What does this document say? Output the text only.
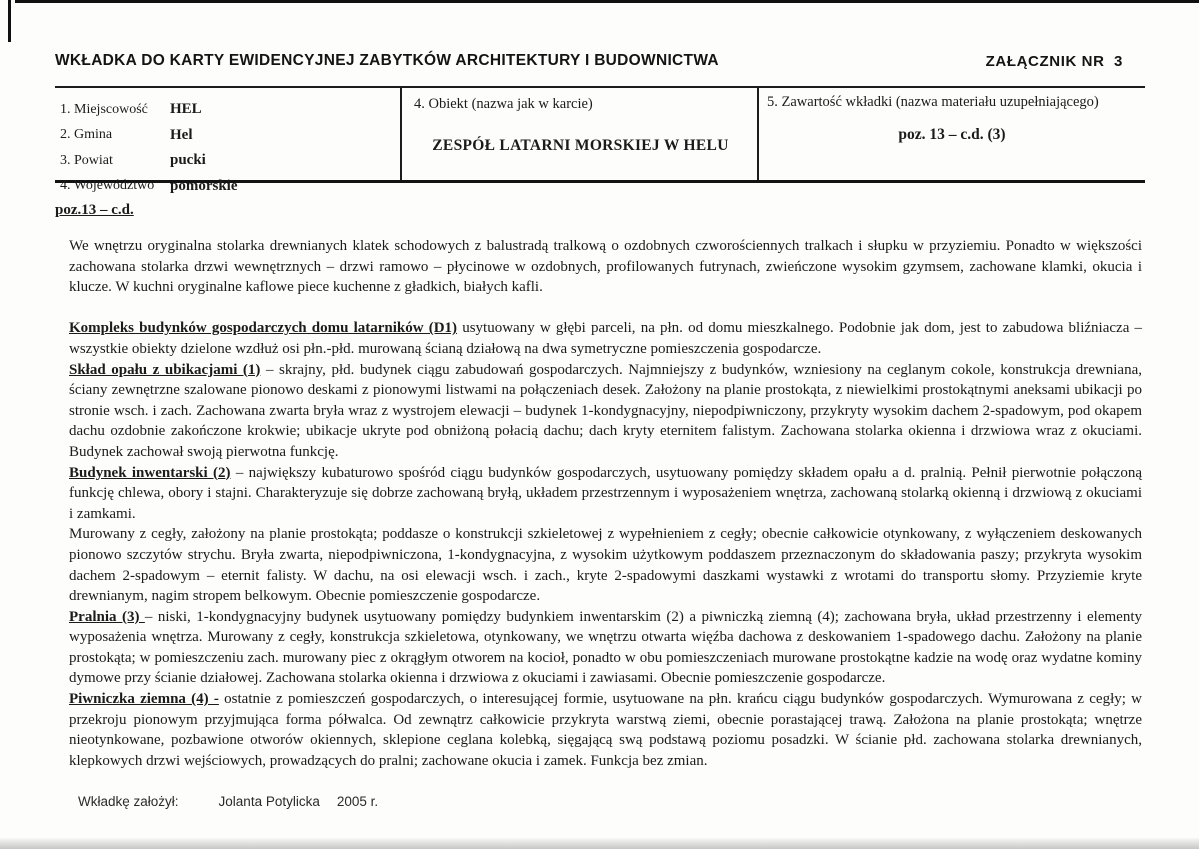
WKŁADKA DO KARTY EWIDENCYJNEJ ZABYTKÓW ARCHITEKTURY I BUDOWNICTWA	ZAŁĄCZNIK NR  3
1. Miejscowość	HEL
2. Gmina	Hel
3. Powiat	pucki
4. Województwo	pomorskie
4. Obiekt (nazwa jak w karcie)
ZESPÓŁ LATARNI MORSKIEJ W HELU
5. Zawartość wkładki (nazwa materiału uzupełniającego)
poz. 13 – c.d. (3)
poz.13 – c.d.

We wnętrzu oryginalna stolarka drewnianych klatek schodowych z balustradą tralkową o ozdobnych czworościennych tralkach i słupku w przyziemiu. Ponadto w większości zachowana stolarka drzwi wewnętrznych – drzwi ramowo – płycinowe w ozdobnych, profilowanych futrynach, zwieńczone wysokim gzymsem, zachowane klamki, okucia i klucze. W kuchni oryginalne kaflowe piece kuchenne z gładkich, białych kafli.

Kompleks budynków gospodarczych domu latarników (D1) usytuowany w głębi parceli, na płn. od domu mieszkalnego. Podobnie jak dom, jest to zabudowa bliźniacza – wszystkie obiekty dzielone wzdłuż osi płn.-płd. murowaną ścianą działową na dwa symetryczne pomieszczenia gospodarcze.

Skład opału z ubikacjami (1) – skrajny, płd. budynek ciągu zabudowań gospodarczych. Najmniejszy z budynków, wzniesiony na ceglanym cokole, konstrukcja drewniana, ściany zewnętrzne szalowane pionowo deskami z pionowymi listwami na połączeniach desek. Założony na planie prostokąta, z niewielkimi prostokątnymi aneksami ubikacji po stronie wsch. i zach. Zachowana zwarta bryła wraz z wystrojem elewacji – budynek 1-kondygnacyjny, niepodpiwniczony, przykryty wysokim dachem 2-spadowym, pod okapem dachu ozdobnie zakończone krokwie; ubikacje ukryte pod obniżoną połacią dachu; dach kryty eternitem falistym. Zachowana stolarka okienna i drzwiowa wraz z okuciami. Budynek zachował swoją pierwotna funkcję.

Budynek inwentarski (2) – największy kubaturowo spośród ciągu budynków gospodarczych, usytuowany pomiędzy składem opału a d. pralnią. Pełnił pierwotnie połączoną funkcję chlewa, obory i stajni. Charakteryzuje się dobrze zachowaną bryłą, układem przestrzennym i wyposażeniem wnętrza, zachowaną stolarką okienną i drzwiową z okuciami i zamkami.

Murowany z cegły, założony na planie prostokąta; poddasze o konstrukcji szkieletowej z wypełnieniem z cegły; obecnie całkowicie otynkowany, z wyłączeniem deskowanych pionowo szczytów strychu. Bryła zwarta, niepodpiwniczona, 1-kondygnacyjna, z wysokim użytkowym poddaszem przeznaczonym do składowania paszy; przykryta wysokim dachem 2-spadowym – eternit falisty. W dachu, na osi elewacji wsch. i zach., kryte 2-spadowymi daszkami wystawki z wrotami do transportu słomy. Przyziemie kryte drewnianym, nagim stropem belkowym. Obecnie pomieszczenie gospodarcze.

Pralnia (3) – niski, 1-kondygnacyjny budynek usytuowany pomiędzy budynkiem inwentarskim (2) a piwniczką ziemną (4); zachowana bryła, układ przestrzenny i elementy wyposażenia wnętrza. Murowany z cegły, konstrukcja szkieletowa, otynkowany, we wnętrzu otwarta więźba dachowa z deskowaniem 1-spadowego dachu. Założony na planie prostokąta; w pomieszczeniu zach. murowany piec z okrągłym otworem na kocioł, ponadto w obu pomieszczeniach murowane prostokątne kadzie na wodę oraz wydatne kominy dymowe przy ścianie działowej. Zachowana stolarka okienna i drzwiowa z okuciami i zawiasami. Obecnie pomieszczenie gospodarcze.

Piwniczka ziemna (4) - ostatnie z pomieszczeń gospodarczych, o interesującej formie, usytuowane na płn. krańcu ciągu budynków gospodarczych. Wymurowana z cegły; w przekroju pionowym przyjmująca forma półwalca. Od zewnątrz całkowicie przykryta warstwą ziemi, obecnie porastającej trawą. Założona na planie prostokąta; wnętrze nieotynkowane, pozbawione otworów okiennych, sklepione ceglana kolebką, sięgającą swą podstawą poziomu posadzki. W ścianie płd. zachowana stolarka drewnianych, klepkowych drzwi wejściowych, prowadzących do pralni; zachowane okucia i zamek. Funkcja bez zmian.

Wkładkę założył:	Jolanta Potylicka 2005 r.
